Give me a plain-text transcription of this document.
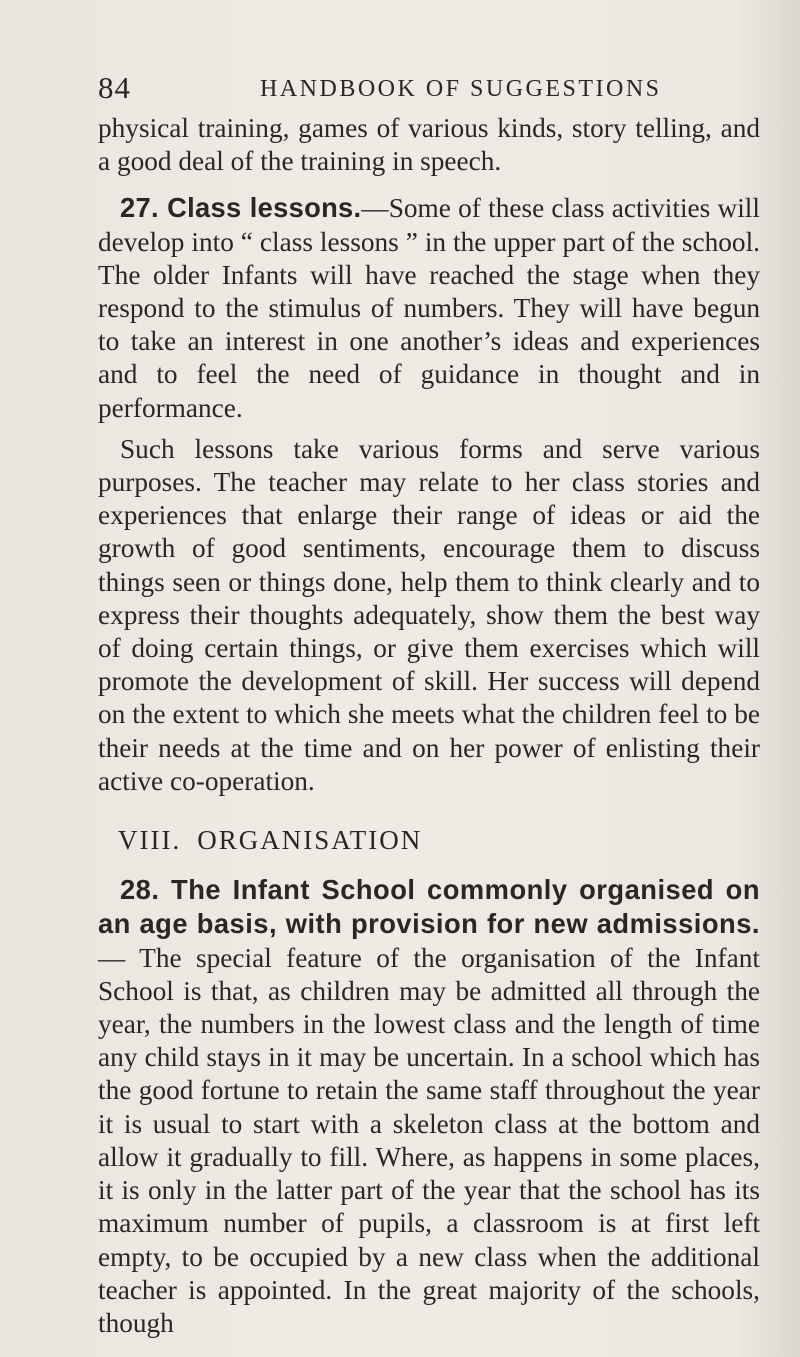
84	HANDBOOK OF SUGGESTIONS

physical training, games of various kinds, story telling, and a good deal of the training in speech.

27. Class lessons.—Some of these class activities will develop into “ class lessons ” in the upper part of the school. The older Infants will have reached the stage when they respond to the stimulus of numbers. They will have begun to take an interest in one another’s ideas and experiences and to feel the need of guidance in thought and in performance.

Such lessons take various forms and serve various purposes. The teacher may relate to her class stories and experiences that enlarge their range of ideas or aid the growth of good sentiments, encourage them to discuss things seen or things done, help them to think clearly and to express their thoughts adequately, show them the best way of doing certain things, or give them exercises which will promote the development of skill. Her success will depend on the extent to which she meets what the children feel to be their needs at the time and on her power of enlisting their active co-operation.

VIII. ORGANISATION

28. The Infant School commonly organised on an age basis, with provision for new admissions.— The special feature of the organisation of the Infant School is that, as children may be admitted all through the year, the numbers in the lowest class and the length of time any child stays in it may be uncertain. In a school which has the good fortune to retain the same staff throughout the year it is usual to start with a skeleton class at the bottom and allow it gradually to fill. Where, as happens in some places, it is only in the latter part of the year that the school has its maximum number of pupils, a classroom is at first left empty, to be occupied by a new class when the additional teacher is appointed. In the great majority of the schools, though
